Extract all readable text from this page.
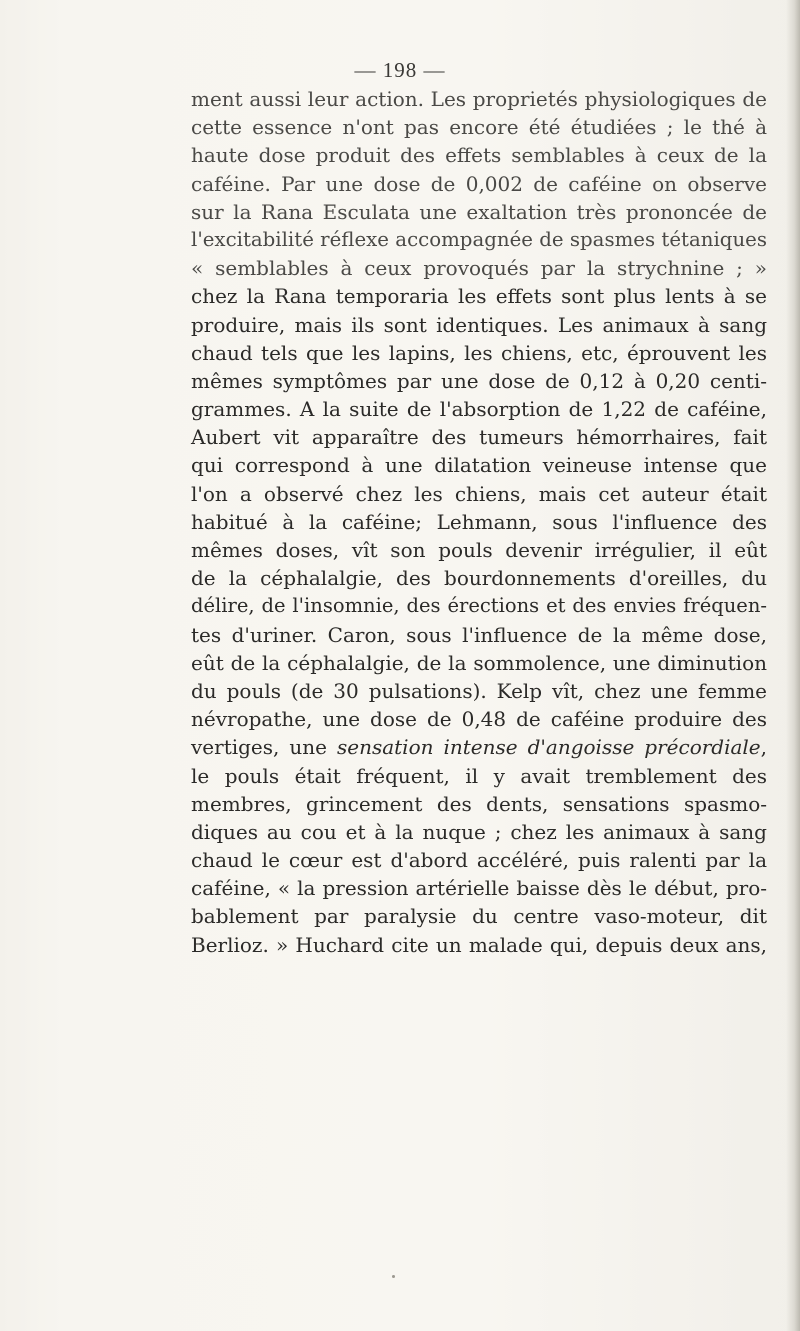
— 198 —
ment aussi leur action. Les proprietés physiologiques de
cette essence n'ont pas encore été étudiées ; le thé à
haute dose produit des effets semblables à ceux de la
caféine. Par une dose de 0,002 de caféine on observe
sur la Rana Esculata une exaltation très prononcée de
l'excitabilité réflexe accompagnée de spasmes tétaniques
« semblables à ceux provoqués par la strychnine ; »
chez la Rana temporaria les effets sont plus lents à se
produire, mais ils sont identiques. Les animaux à sang
chaud tels que les lapins, les chiens, etc, éprouvent les
mêmes symptômes par une dose de 0,12 à 0,20 centi-
grammes. A la suite de l'absorption de 1,22 de caféine,
Aubert vit apparaître des tumeurs hémorrhaires, fait
qui correspond à une dilatation veineuse intense que
l'on a observé chez les chiens, mais cet auteur était
habitué à la caféine; Lehmann, sous l'influence des
mêmes doses, vît son pouls devenir irrégulier, il eût
de la céphalalgie, des bourdonnements d'oreilles, du
délire, de l'insomnie, des érections et des envies fréquen-
tes d'uriner. Caron, sous l'influence de la même dose,
eût de la céphalalgie, de la sommolence, une diminution
du pouls (de 30 pulsations). Kelp vît, chez une femme
névropathe, une dose de 0,48 de caféine produire des
vertiges, une sensation intense d'angoisse précordiale,
le pouls était fréquent, il y avait tremblement des
membres, grincement des dents, sensations spasmo-
diques au cou et à la nuque ; chez les animaux à sang
chaud le cœur est d'abord accéléré, puis ralenti par la
caféine, « la pression artérielle baisse dès le début, pro-
bablement par paralysie du centre vaso-moteur, dit
Berlioz. » Huchard cite un malade qui, depuis deux ans,
